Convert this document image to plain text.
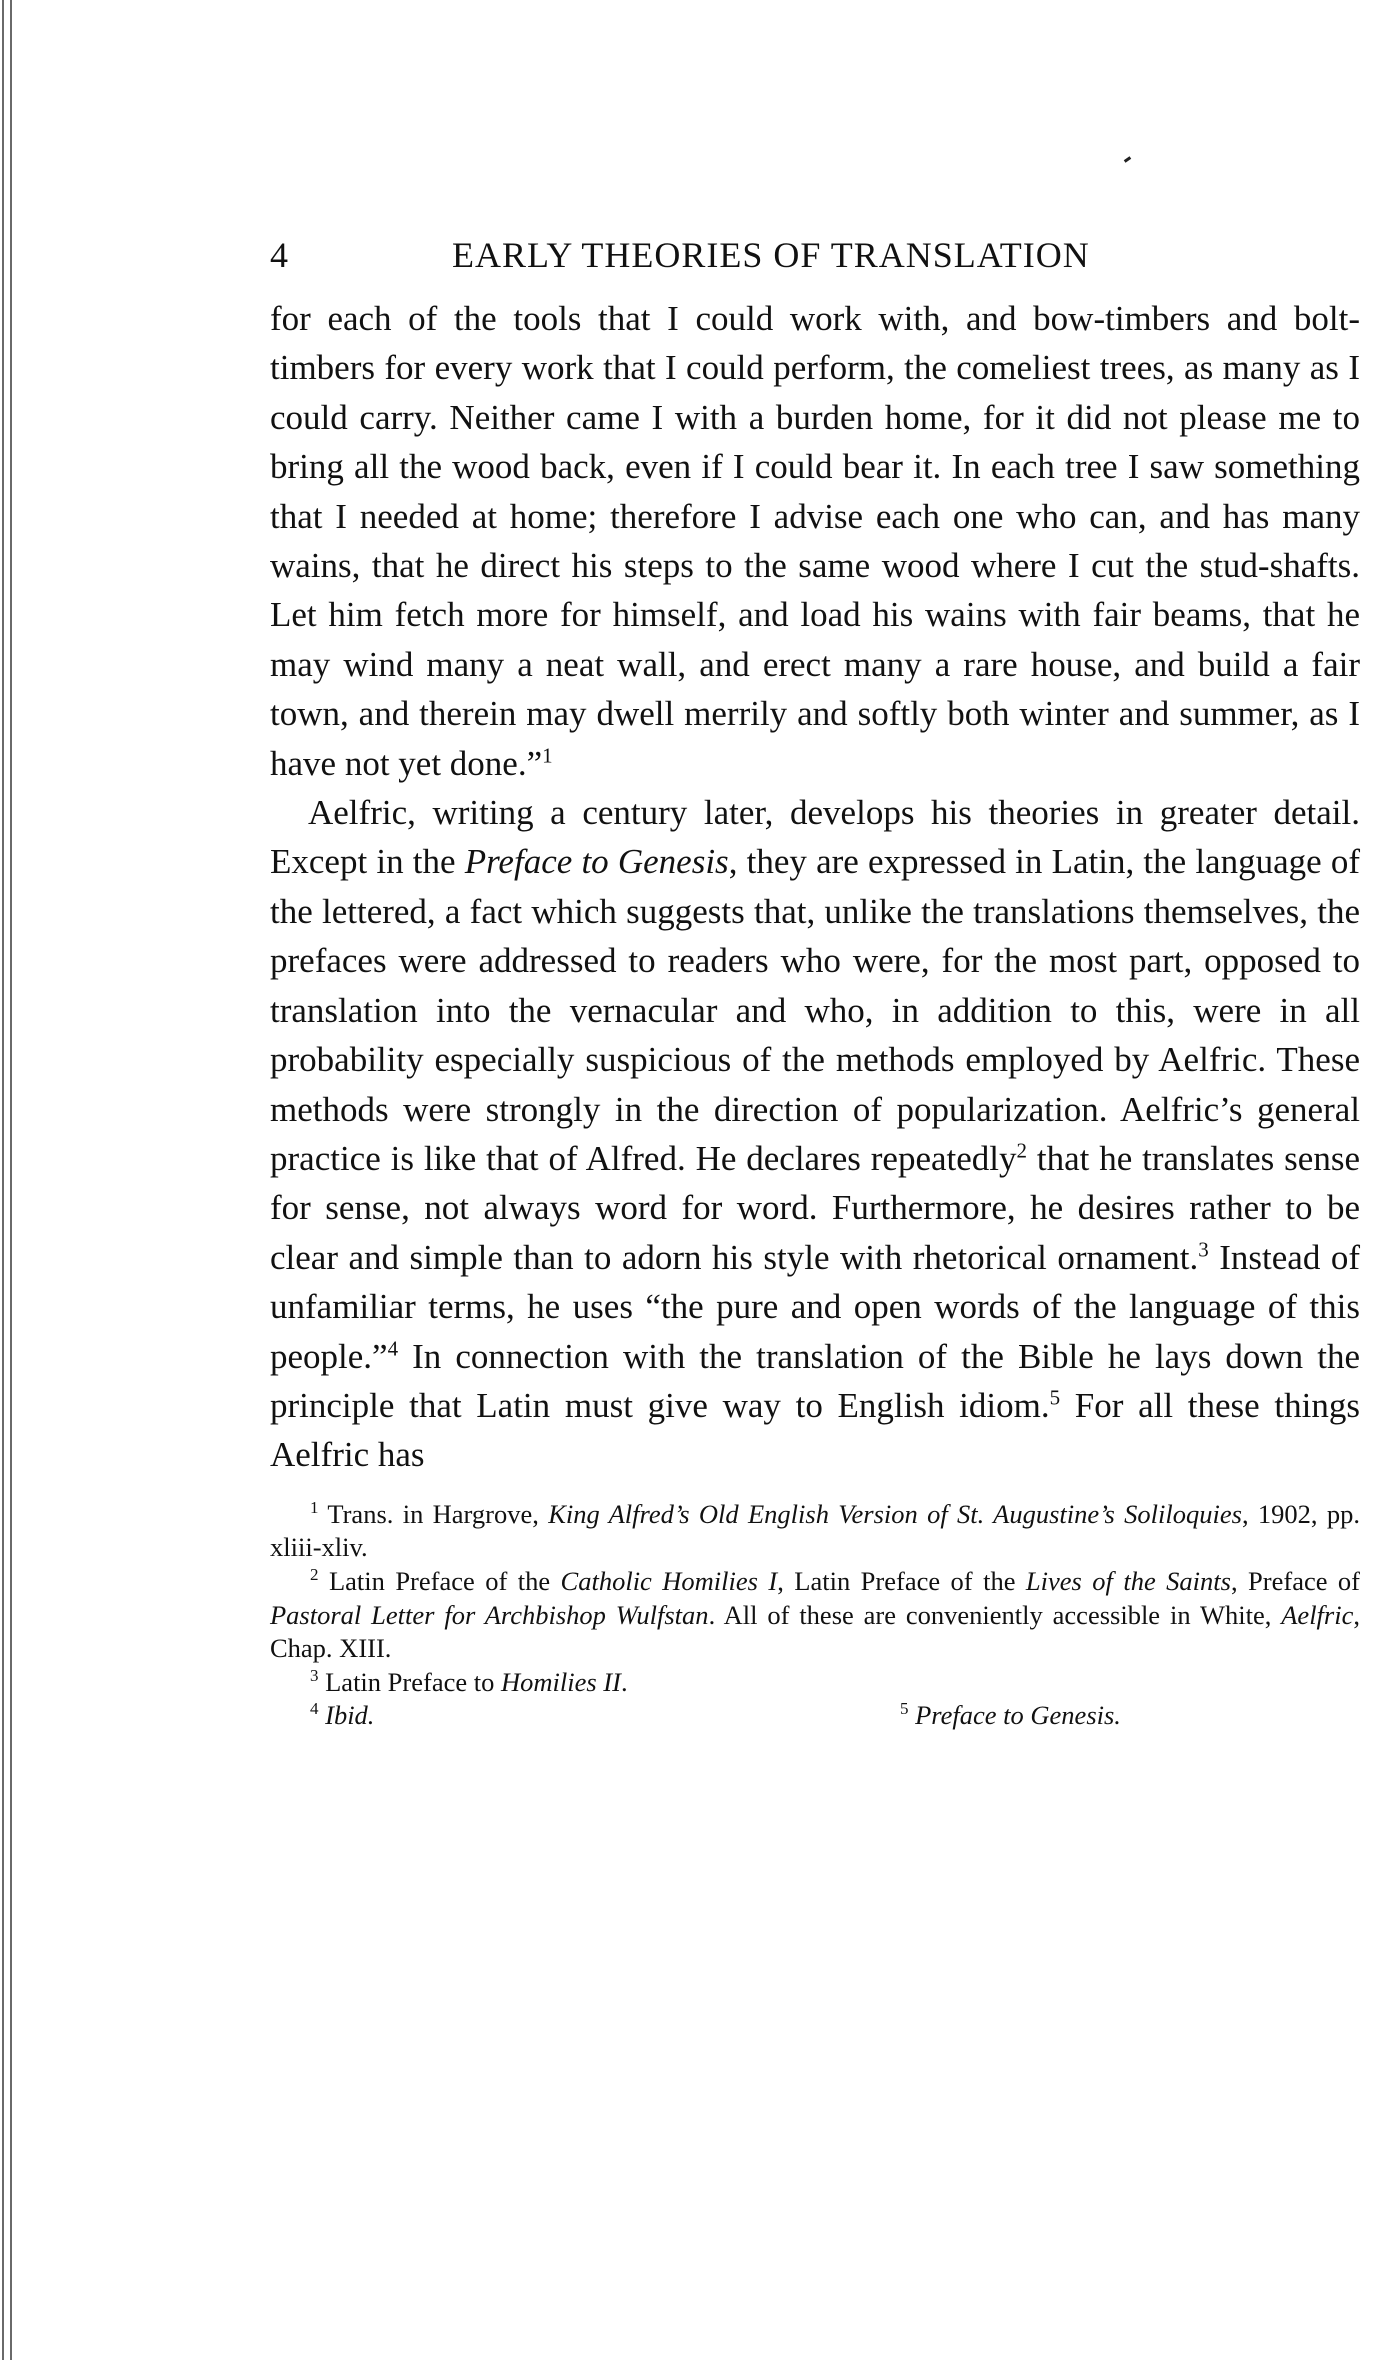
4	EARLY THEORIES OF TRANSLATION

for each of the tools that I could work with, and bow-timbers and bolt-timbers for every work that I could perform, the comeliest trees, as many as I could carry. Neither came I with a burden home, for it did not please me to bring all the wood back, even if I could bear it. In each tree I saw something that I needed at home; therefore I advise each one who can, and has many wains, that he direct his steps to the same wood where I cut the stud-shafts. Let him fetch more for himself, and load his wains with fair beams, that he may wind many a neat wall, and erect many a rare house, and build a fair town, and therein may dwell merrily and softly both winter and summer, as I have not yet done.”$^1$

Aelfric, writing a century later, develops his theories in greater detail. Except in the Preface to Genesis, they are expressed in Latin, the language of the lettered, a fact which suggests that, unlike the translations themselves, the prefaces were addressed to readers who were, for the most part, opposed to translation into the vernacular and who, in addition to this, were in all probability especially suspicious of the methods employed by Aelfric. These methods were strongly in the direction of popularization. Aelfric’s general practice is like that of Alfred. He declares repeatedly$^2$ that he translates sense for sense, not always word for word. Furthermore, he desires rather to be clear and simple than to adorn his style with rhetorical ornament.$^3$ Instead of unfamiliar terms, he uses “the pure and open words of the language of this people.”$^4$ In connection with the translation of the Bible he lays down the principle that Latin must give way to English idiom.$^5$ For all these things Aelfric has

$^1$ Trans. in Hargrove, King Alfred’s Old English Version of St. Augustine’s Soliloquies, 1902, pp. xliii-xliv.

$^2$ Latin Preface of the Catholic Homilies I, Latin Preface of the Lives of the Saints, Preface of Pastoral Letter for Archbishop Wulfstan. All of these are conveniently accessible in White, Aelfric, Chap. XIII.

$^3$ Latin Preface to Homilies II.

$^4$ Ibid.	$^5$ Preface to Genesis.
